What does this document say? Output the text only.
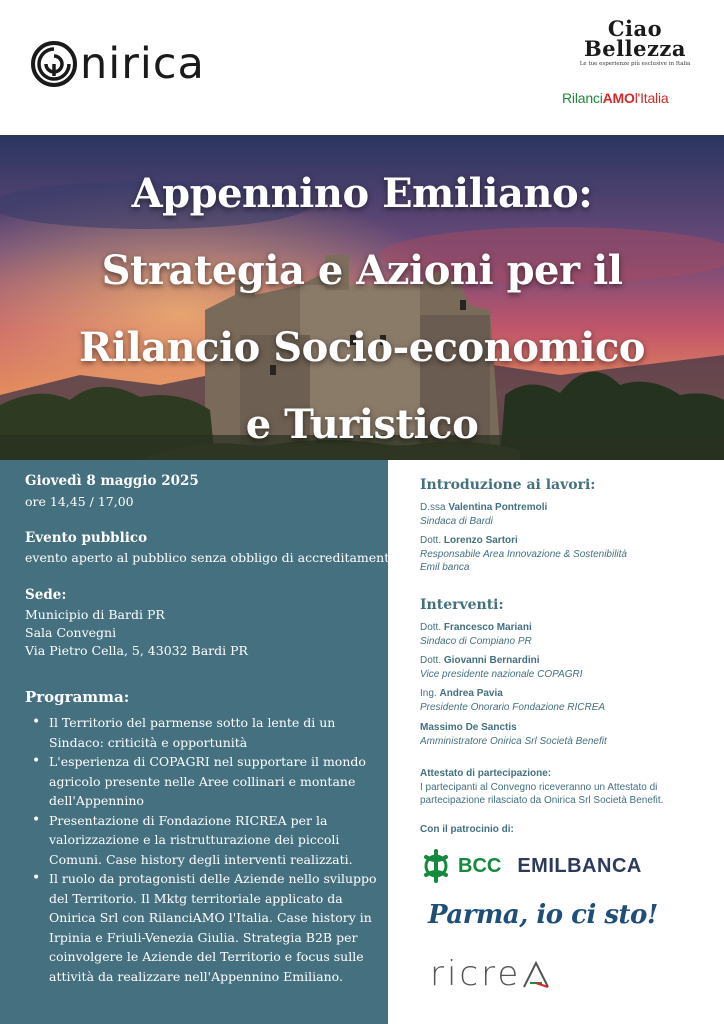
nirica
Ciao
Bellezza
Le tue esperienze più esclusive in Italia
RilanciAMOl'Italia
Appennino Emiliano:
Strategia e Azioni per il
Rilancio Socio-economico
e Turistico
Giovedì 8 maggio 2025
ore 14,45 / 17,00
Evento pubblico
evento aperto al pubblico senza obbligo di accreditamento
Sede:
Municipio di Bardi PR
Sala Convegni
Via Pietro Cella, 5, 43032 Bardi PR
Programma:
• Il Territorio del parmense sotto la lente di un Sindaco: criticità e opportunità
• L'esperienza di COPAGRI nel supportare il mondo agricolo presente nelle Aree collinari e montane dell'Appennino
• Presentazione di Fondazione RICREA per la valorizzazione e la ristrutturazione dei piccoli Comuni. Case history degli interventi realizzati.
• Il ruolo da protagonisti delle Aziende nello sviluppo del Territorio. Il Mktg territoriale applicato da Onirica Srl con RilanciAMO l'Italia. Case history in Irpinia e Friuli-Venezia Giulia. Strategia B2B per coinvolgere le Aziende del Territorio e focus sulle attività da realizzare nell'Appennino Emiliano.
Introduzione ai lavori:
D.ssa Valentina Pontremoli
Sindaca di Bardi
Dott. Lorenzo Sartori
Responsabile Area Innovazione & Sostenibilità
Emil banca
Interventi:
Dott. Francesco Mariani
Sindaco di Compiano PR
Dott. Giovanni Bernardini
Vice presidente nazionale COPAGRI
Ing. Andrea Pavia
Presidente Onorario Fondazione RICREA
Massimo De Sanctis
Amministratore Onirica Srl Società Benefit
Attestato di partecipazione:
I partecipanti al Convegno riceveranno un Attestato di partecipazione rilasciato da Onirica Srl Società Benefit.
Con il patrocinio di:
BCC EMILBANCA
Parma, io ci sto!
ricre
